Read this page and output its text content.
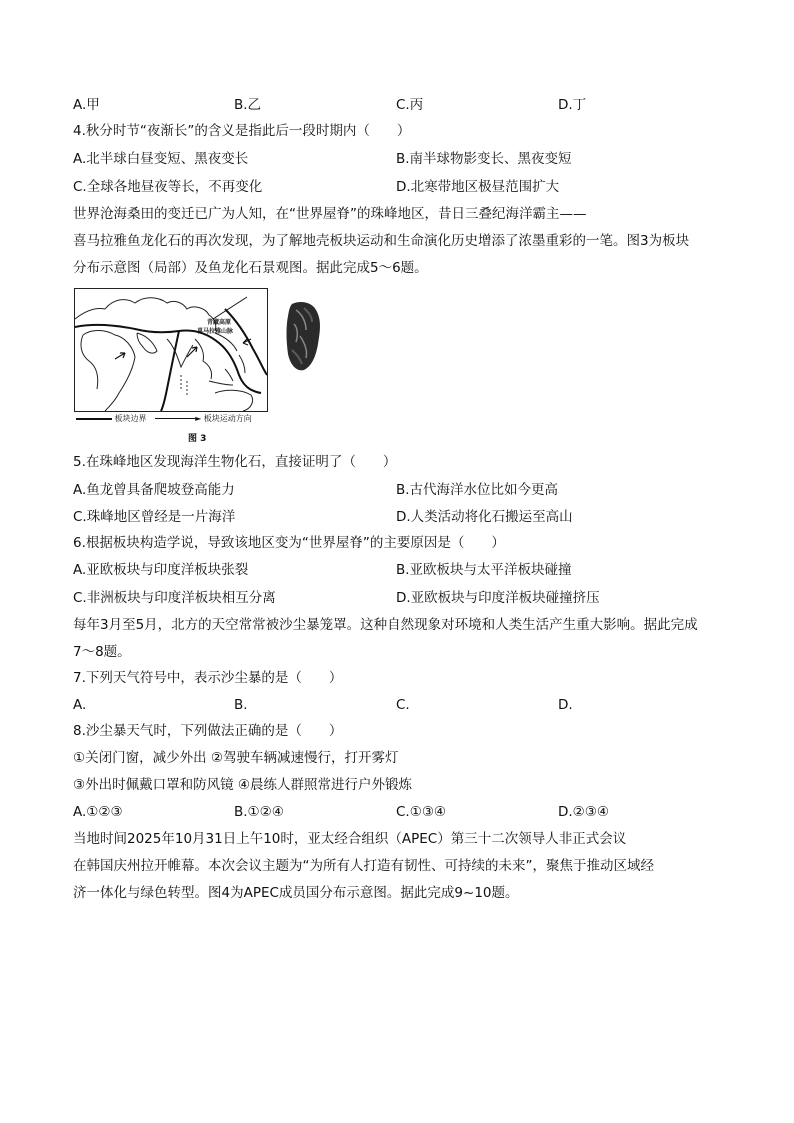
A.甲	B.乙	C.丙	D.丁
4.秋分时节“夜渐长”的含义是指此后一段时期内（　　）
A.北半球白昼变短、黑夜变长	B.南半球物影变长、黑夜变短
C.全球各地昼夜等长，不再变化	D.北寒带地区极昼范围扩大
世界沧海桑田的变迁已广为人知，在“世界屋脊”的珠峰地区，昔日三叠纪海洋霸主——
喜马拉雅鱼龙化石的再次发现，为了解地壳板块运动和生命演化历史增添了浓墨重彩的一笔。图3为板块
分布示意图（局部）及鱼龙化石景观图。据此完成5～6题。
青藏高原
喜马拉雅山脉
板块边界	► 板块运动方向
图 3
5.在珠峰地区发现海洋生物化石，直接证明了（　　）
A.鱼龙曾具备爬坡登高能力	B.古代海洋水位比如今更高
C.珠峰地区曾经是一片海洋	D.人类活动将化石搬运至高山
6.根据板块构造学说，导致该地区变为“世界屋脊”的主要原因是（　　）
A.亚欧板块与印度洋板块张裂	B.亚欧板块与太平洋板块碰撞
C.非洲板块与印度洋板块相互分离	D.亚欧板块与印度洋板块碰撞挤压
每年3月至5月，北方的天空常常被沙尘暴笼罩。这种自然现象对环境和人类生活产生重大影响。据此完成
7～8题。
7.下列天气符号中，表示沙尘暴的是（　　）
A.	B.	C.	D.
8.沙尘暴天气时，下列做法正确的是（　　）
①关闭门窗，减少外出 ②驾驶车辆减速慢行，打开雾灯
③外出时佩戴口罩和防风镜 ④晨练人群照常进行户外锻炼
A.①②③	B.①②④	C.①③④	D.②③④
当地时间2025年10月31日上午10时，亚太经合组织（APEC）第三十二次领导人非正式会议
在韩国庆州拉开帷幕。本次会议主题为“为所有人打造有韧性、可持续的未来”，聚焦于推动区域经
济一体化与绿色转型。图4为APEC成员国分布示意图。据此完成9~10题。
